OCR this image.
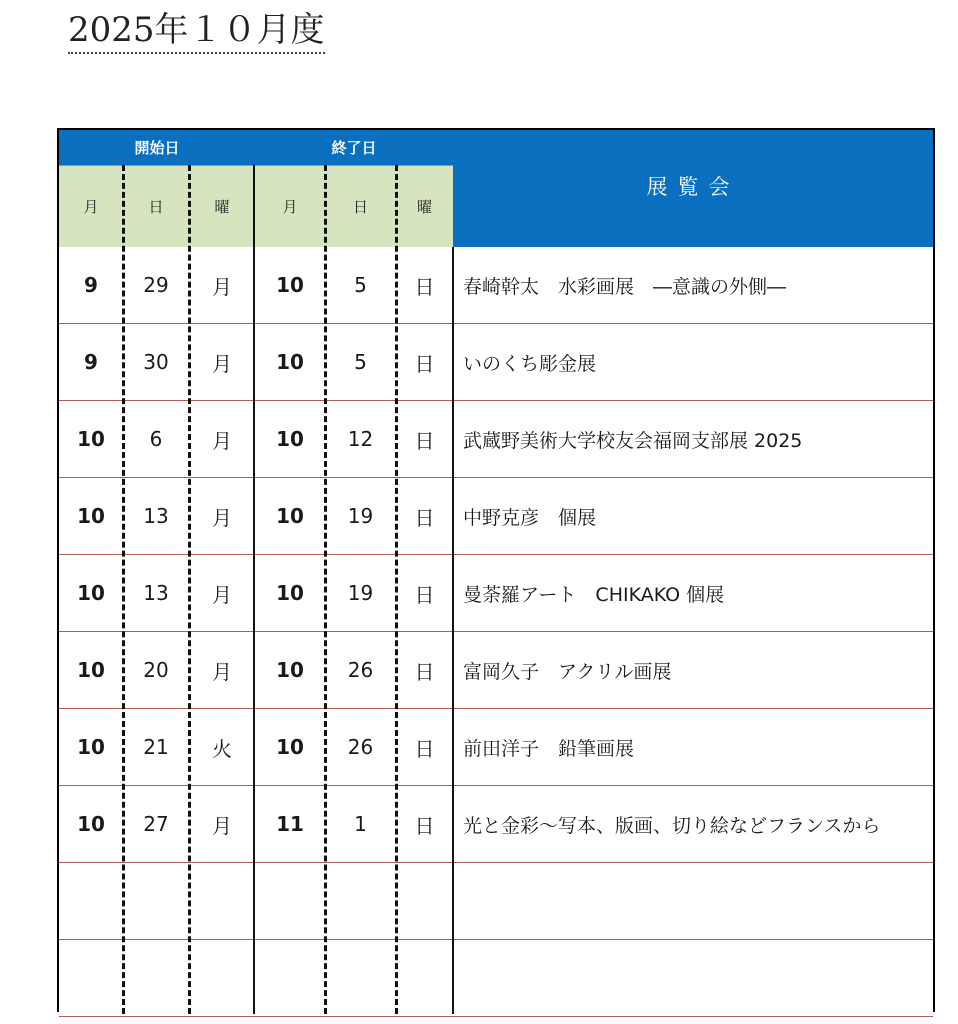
2025年１０月度
開始日	終了日
展覧会
月	日	曜	月	日	曜
9	29	月	10	5	日	春崎幹太　水彩画展　―意識の外側―
9	30	月	10	5	日	いのくち彫金展
10	6	月	10	12	日	武蔵野美術大学校友会福岡支部展 2025
10	13	月	10	19	日	中野克彦　個展
10	13	月	10	19	日	曼荼羅アート　CHIKAKO 個展
10	20	月	10	26	日	富岡久子　アクリル画展
10	21	火	10	26	日	前田洋子　鉛筆画展
10	27	月	11	1	日	光と金彩～写本、版画、切り絵などフランスから
